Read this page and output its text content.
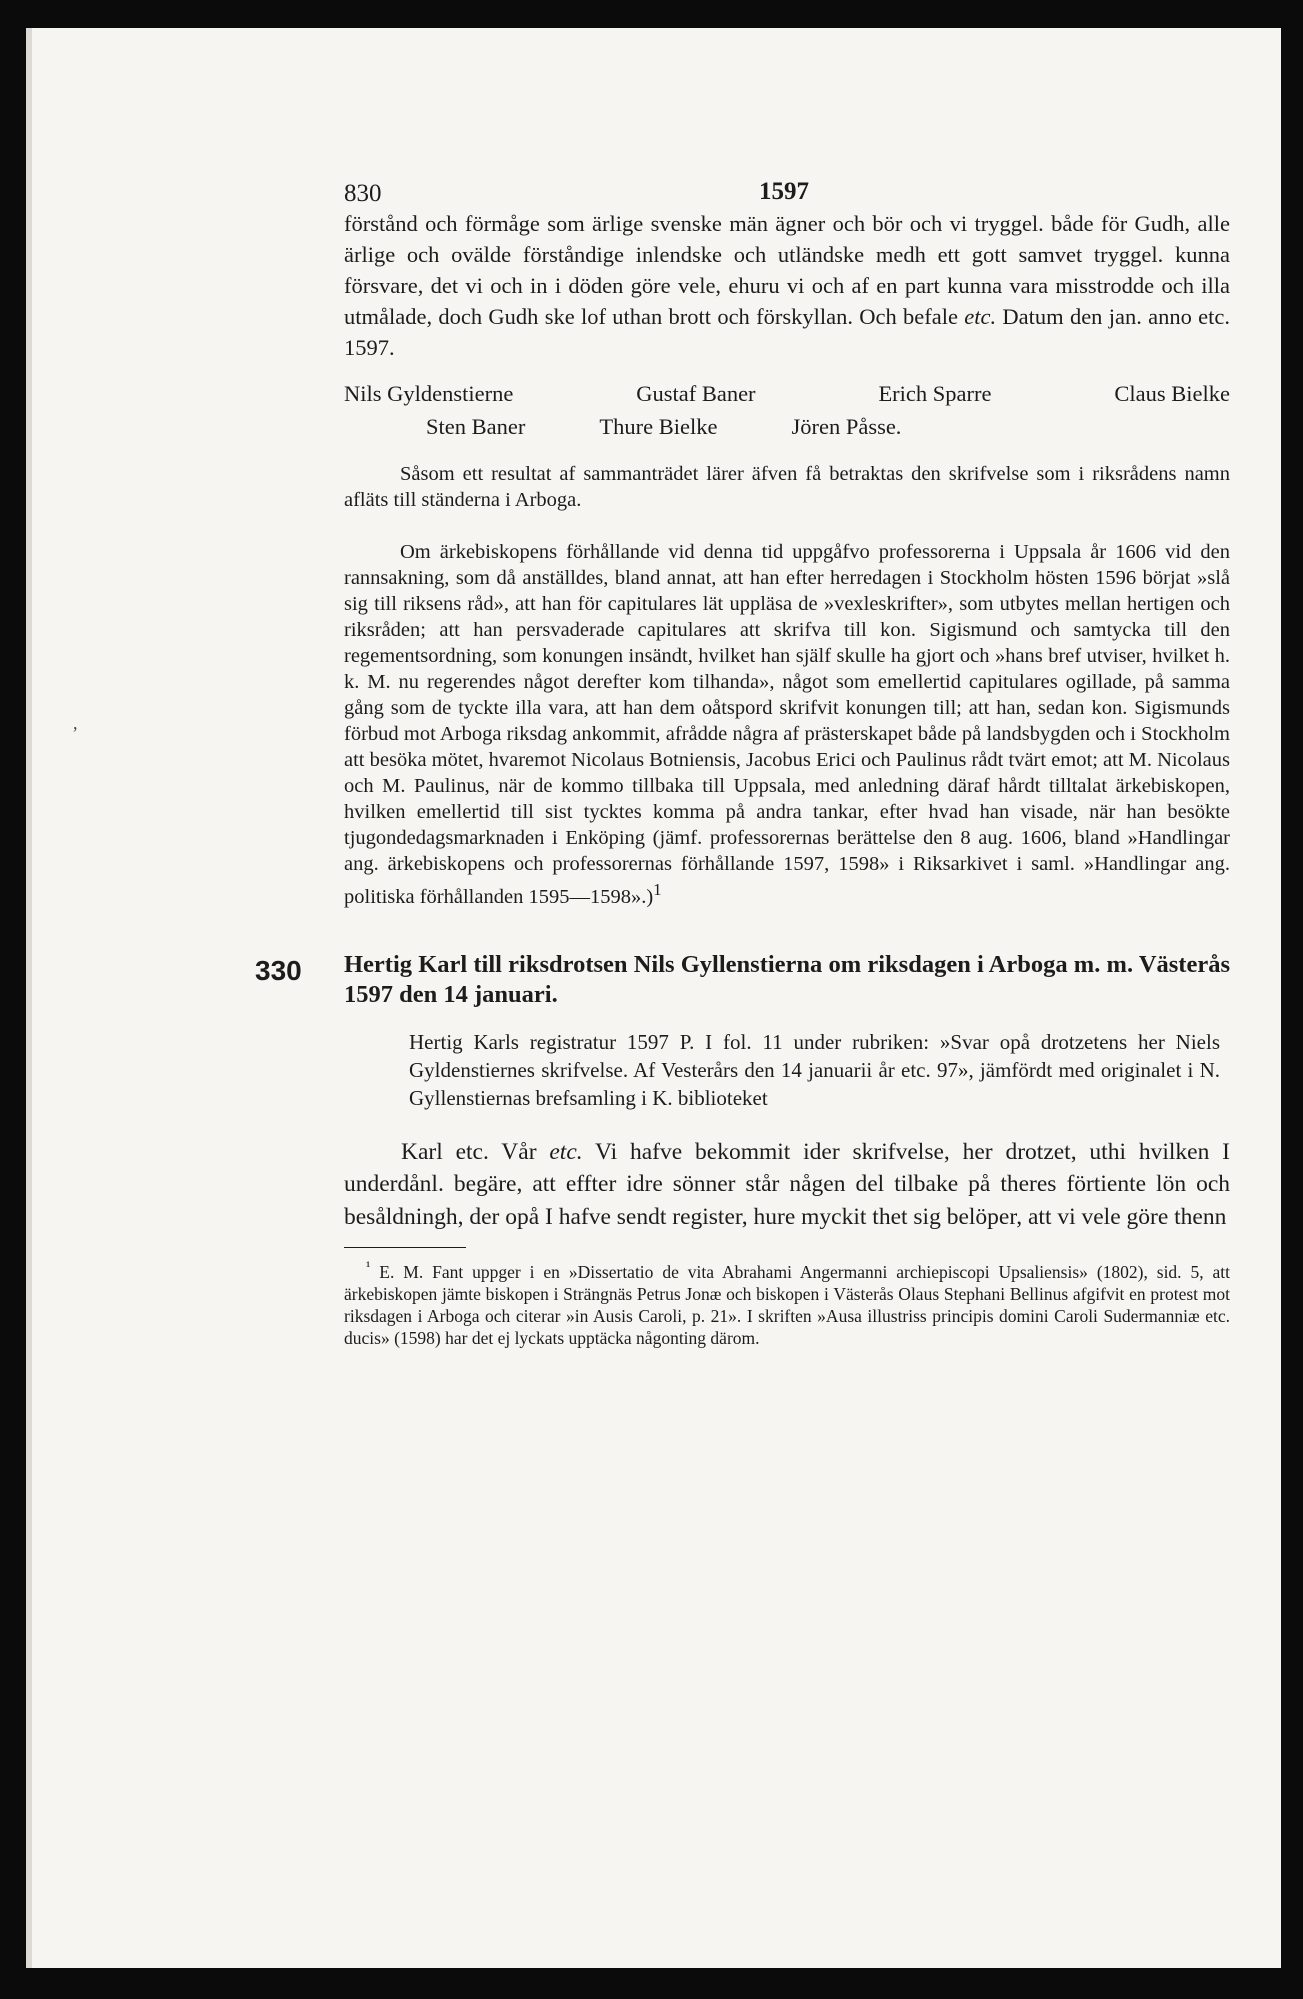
,
830	1597

förstånd och förmåge som ärlige svenske män ägner och bör och vi tryggel. både för Gudh, alle ärlige och ovälde förståndige inlendske och utländske medh ett gott samvet tryggel. kunna försvare, det vi och in i döden göre vele, ehuru vi och af en part kunna vara misstrodde och illa utmålade, doch Gudh ske lof uthan brott och förskyllan. Och befale etc. Datum den jan. anno etc. 1597.

Nils Gyldenstierne	Gustaf Baner	Erich Sparre	Claus Bielke
Sten Baner	Thure Bielke	Jören Påsse.

Såsom ett resultat af sammanträdet lärer äfven få betraktas den skrifvelse som i riksrådens namn afläts till ständerna i Arboga.

Om ärkebiskopens förhållande vid denna tid uppgåfvo professorerna i Uppsala år 1606 vid den rannsakning, som då anställdes, bland annat, att han efter herredagen i Stockholm hösten 1596 börjat »slå sig till riksens råd», att han för capitulares lät uppläsa de »vexleskrifter», som utbytes mellan hertigen och riksråden; att han persvaderade capitulares att skrifva till kon. Sigismund och samtycka till den regementsordning, som konungen insändt, hvilket han själf skulle ha gjort och »hans bref utviser, hvilket h. k. M. nu regerendes något derefter kom tilhanda», något som emellertid capitulares ogillade, på samma gång som de tyckte illa vara, att han dem oåtspord skrifvit konungen till; att han, sedan kon. Sigismunds förbud mot Arboga riksdag ankommit, afrådde några af prästerskapet både på landsbygden och i Stockholm att besöka mötet, hvaremot Nicolaus Botniensis, Jacobus Erici och Paulinus rådt tvärt emot; att M. Nicolaus och M. Paulinus, när de kommo tillbaka till Uppsala, med anledning däraf hårdt tilltalat ärkebiskopen, hvilken emellertid till sist tycktes komma på andra tankar, efter hvad han visade, när han besökte tjugondedagsmarknaden i Enköping (jämf. professorernas berättelse den 8 aug. 1606, bland »Handlingar ang. ärkebiskopens och professorernas förhållande 1597, 1598» i Riksarkivet i saml. »Handlingar ang. politiska förhållanden 1595—1598».)$^1$

330 Hertig Karl till riksdrotsen Nils Gyllenstierna om riksdagen i Arboga m. m. Västerås 1597 den 14 januari.

Hertig Karls registratur 1597 P. I fol. 11 under rubriken: »Svar opå drotzetens her Niels Gyldenstiernes skrifvelse. Af Vesterårs den 14 januarii år etc. 97», jämfördt med originalet i N. Gyllenstiernas brefsamling i K. biblioteket

Karl etc. Vår etc. Vi hafve bekommit ider skrifvelse, her drotzet, uthi hvilken I underdånl. begäre, att effter idre sönner står någen del tilbake på theres förtiente lön och besåldningh, der opå I hafve sendt register, hure myckit thet sig belöper, att vi vele göre thenn

$^{^1}$ E. M. Fant uppger i en »Dissertatio de vita Abrahami Angermanni archiepiscopi Upsaliensis» (1802), sid. 5, att ärkebiskopen jämte biskopen i Strängnäs Petrus Jonæ och biskopen i Västerås Olaus Stephani Bellinus afgifvit en protest mot riksdagen i Arboga och citerar »in Ausis Caroli, p. 21». I skriften »Ausa illustriss principis domini Caroli Sudermanniæ etc. ducis» (1598) har det ej lyckats upptäcka någonting därom.
